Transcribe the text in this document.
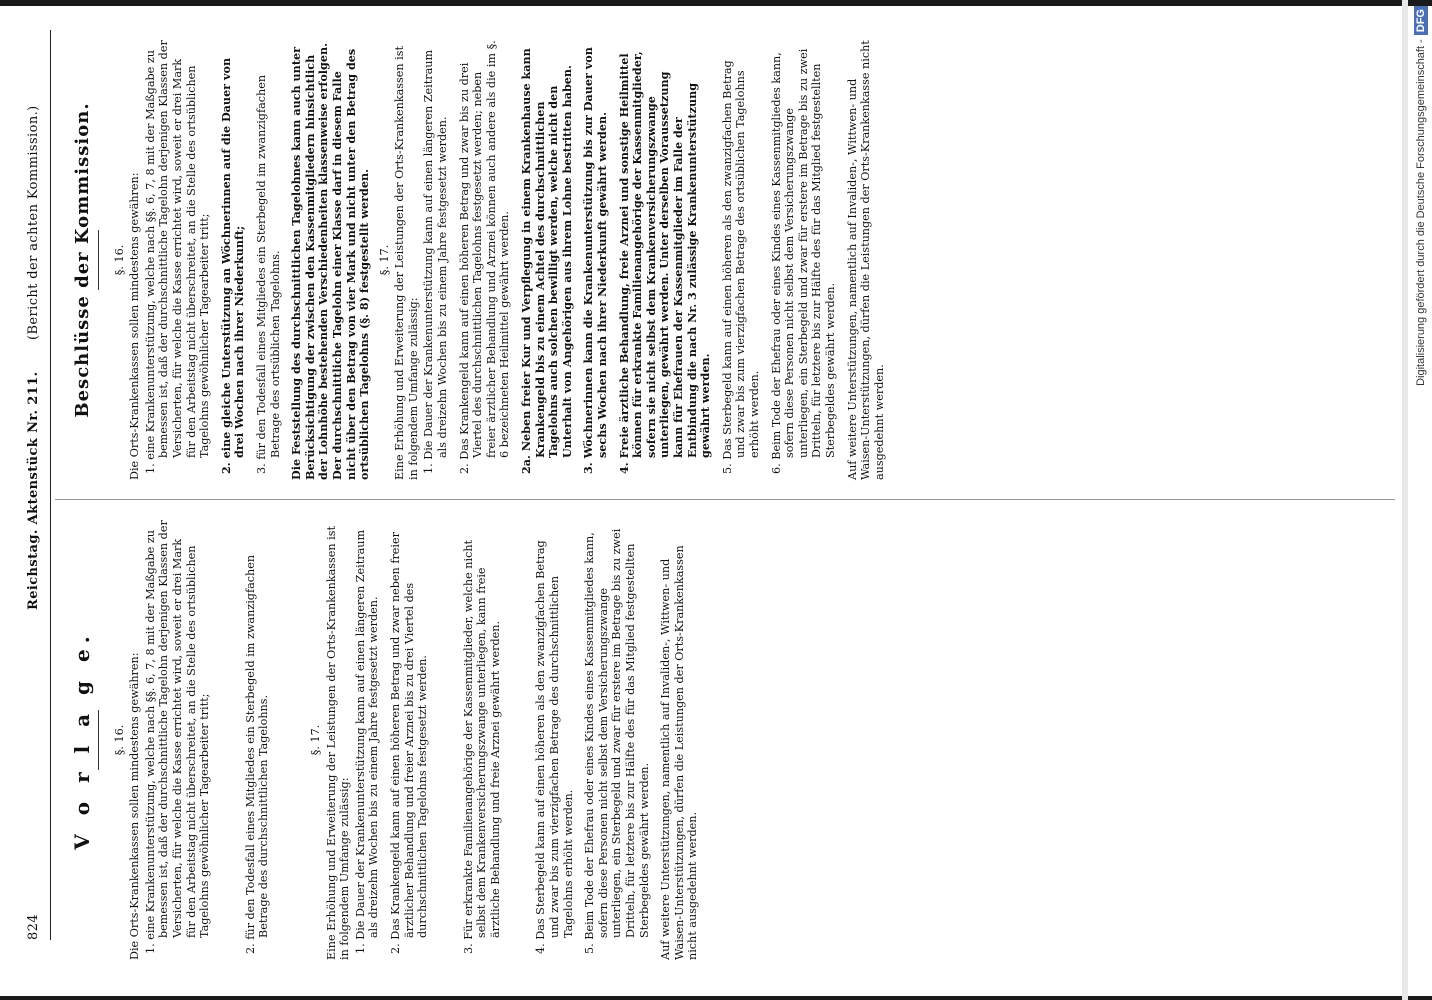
Digitalisierung gefördert durch die Deutsche Forschungsgemeinschaft -DFG
824
Reichstag. Aktenstück Nr. 211.
(Bericht der achten Kommission.)
V o r l a g e. §. 16. Die Orts-Krankenkassen sollen mindestens gewähren: 1. eine Krankenunterstützung, welche nach §§. 6, 7, 8 mit der Maßgabe zu bemessen ist, daß der durchschnittliche Tagelohn derjenigen Klassen der Versicherten, für welche die Kasse errichtet wird, soweit er drei Mark für den Arbeitstag nicht überschreitet, an die Stelle des ortsüblichen Tagelohns gewöhnlicher Tagearbeiter tritt;	2. für den Todesfall eines Mitgliedes ein Sterbegeld im zwanzigfachen Betrage des durchschnittlichen Tagelohns.	§. 17. Eine Erhöhung und Erweiterung der Leistungen der Orts-Krankenkassen ist in folgendem Umfange zulässig: 1. Die Dauer der Krankenunterstützung kann auf einen längeren Zeitraum als dreizehn Wochen bis zu einem Jahre festgesetzt werden. 2. Das Krankengeld kann auf einen höheren Betrag und zwar neben freier ärztlicher Behandlung und freier Arznei bis zu drei Viertel des durchschnittlichen Tagelohns festgesetzt werden.	3. Für erkrankte Familienangehörige der Kassenmitglieder, welche nicht selbst dem Krankenversicherungszwange unterliegen, kann freie ärztliche Behandlung und freie Arznei gewährt werden.	4. Das Sterbegeld kann auf einen höheren als den zwanzigfachen Betrag und zwar bis zum vierzigfachen Betrage des durchschnittlichen Tagelohns erhöht werden. 5. Beim Tode der Ehefrau oder eines Kindes eines Kassenmitgliedes kann, sofern diese Personen nicht selbst dem Versicherungszwange unterliegen, ein Sterbegeld und zwar für erstere im Betrage bis zu zwei Dritteln, für letztere bis zur Hälfte des für das Mitglied festgestellten Sterbegeldes gewährt werden. Auf weitere Unterstützungen, namentlich auf Invaliden-, Wittwen- und Waisen-Unterstützungen, dürfen die Leistungen der Orts-Krankenkassen nicht ausgedehnt werden.
Beschlüsse der Kommission. §. 16. Die Orts-Krankenkassen sollen mindestens gewähren: 1. eine Krankenunterstützung, welche nach §§. 6, 7, 8 mit der Maßgabe zu bemessen ist, daß der durchschnittliche Tagelohn derjenigen Klassen der Versicherten, für welche die Kasse errichtet wird, soweit er drei Mark für den Arbeitstag nicht überschreitet, an die Stelle des ortsüblichen Tagelohns gewöhnlicher Tagearbeiter tritt; 2. eine gleiche Unterstützung an Wöchnerinnen auf die Dauer von drei Wochen nach ihrer Niederkunft; 3. für den Todesfall eines Mitgliedes ein Sterbegeld im zwanzigfachen Betrage des ortsüblichen Tagelohns. Die Feststellung des durchschnittlichen Tagelohnes kann auch unter Berücksichtigung der zwischen den Kassenmitgliedern hinsichtlich der Lohnhöhe bestehenden Verschiedenheiten klassenweise erfolgen. Der durchschnittliche Tagelohn einer Klasse darf in diesem Falle nicht über den Betrag von vier Mark und nicht unter den Betrag des ortsüblichen Tagelohns (§. 8) festgestellt werden. §. 17. Eine Erhöhung und Erweiterung der Leistungen der Orts-Krankenkassen ist in folgendem Umfange zulässig: 1. Die Dauer der Krankenunterstützung kann auf einen längeren Zeitraum als dreizehn Wochen bis zu einem Jahre festgesetzt werden. 2. Das Krankengeld kann auf einen höheren Betrag und zwar bis zu drei Viertel des durchschnittlichen Tagelohns festgesetzt werden; neben freier ärztlicher Behandlung und Arznei können auch andere als die im §. 6 bezeichneten Heilmittel gewährt werden. 2a. Neben freier Kur und Verpflegung in einem Krankenhause kann Krankengeld bis zu einem Achtel des durchschnittlichen Tagelohns auch solchen bewilligt werden, welche nicht den Unterhalt von Angehörigen aus ihrem Lohne bestritten haben. 3. Wöchnerinnen kann die Krankenunterstützung bis zur Dauer von sechs Wochen nach ihrer Niederkunft gewährt werden. 4. Freie ärztliche Behandlung, freie Arznei und sonstige Heilmittel können für erkrankte Familienangehörige der Kassenmitglieder, sofern sie nicht selbst dem Krankenversicherungszwange unterliegen, gewährt werden. Unter derselben Voraussetzung kann für Ehefrauen der Kassenmitglieder im Falle der Entbindung die nach Nr. 3 zulässige Krankenunterstützung gewährt werden. 5. Das Sterbegeld kann auf einen höheren als den zwanzigfachen Betrag und zwar bis zum vierzigfachen Betrage des ortsüblichen Tagelohns erhöht werden. 6. Beim Tode der Ehefrau oder eines Kindes eines Kassenmitgliedes kann, sofern diese Personen nicht selbst dem Versicherungszwange unterliegen, ein Sterbegeld und zwar für erstere im Betrage bis zu zwei Dritteln, für letztere bis zur Hälfte des für das Mitglied festgestellten Sterbegeldes gewährt werden. Auf weitere Unterstützungen, namentlich auf Invaliden-, Wittwen- und Waisen-Unterstützungen, dürfen die Leistungen der Orts-Krankenkasse nicht ausgedehnt werden.
